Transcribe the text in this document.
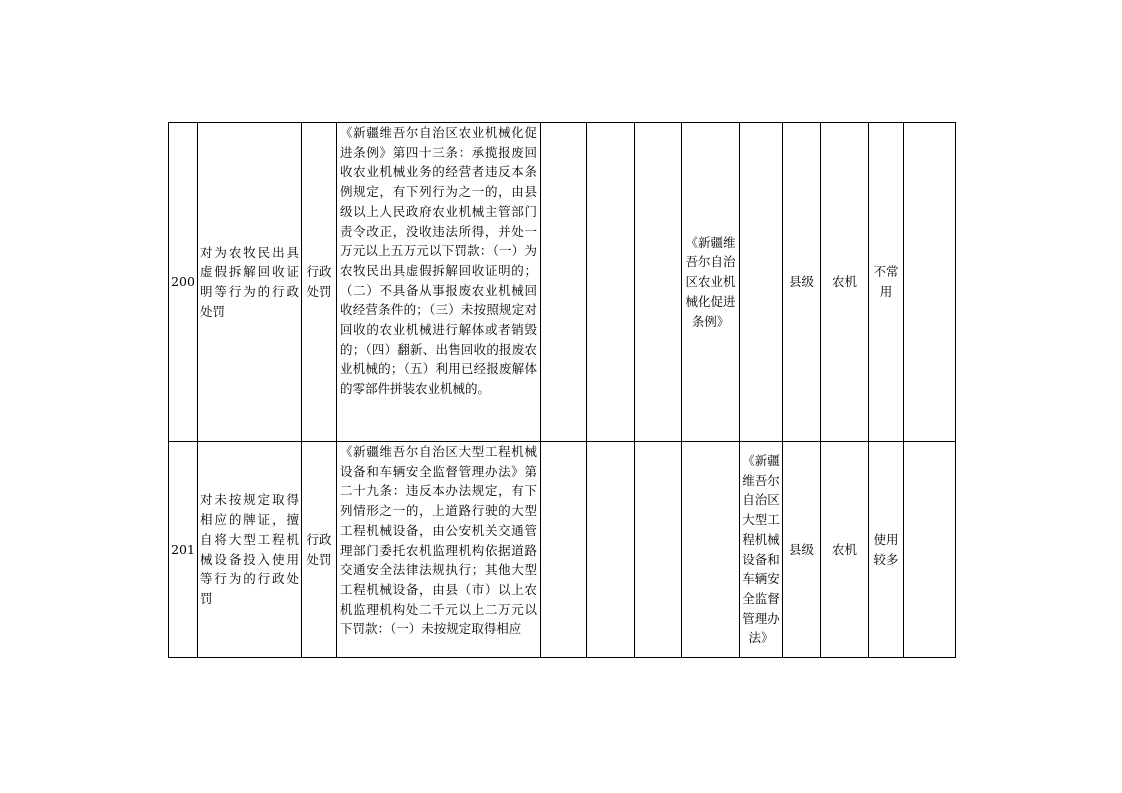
200	对为农牧民出具虚假拆解回收证明等行为的行政处罚	行政处罚	《新疆维吾尔自治区农业机械化促进条例》第四十三条：承揽报废回收农业机械业务的经营者违反本条例规定，有下列行为之一的，由县级以上人民政府农业机械主管部门责令改正，没收违法所得，并处一万元以上五万元以下罚款：（一）为农牧民出具虚假拆解回收证明的；（二）不具备从事报废农业机械回收经营条件的；（三）未按照规定对回收的农业机械进行解体或者销毁的；（四）翻新、出售回收的报废农业机械的；（五）利用已经报废解体的零部件拼装农业机械的。				《新疆维吾尔自治区农业机械化促进条例》		县级	农机	不常用	
201	对未按规定取得相应的牌证，擅自将大型工程机械设备投入使用等行为的行政处罚	行政处罚	《新疆维吾尔自治区大型工程机械设备和车辆安全监督管理办法》第二十九条：违反本办法规定，有下列情形之一的，上道路行驶的大型工程机械设备，由公安机关交通管理部门委托农机监理机构依据道路交通安全法律法规执行；其他大型工程机械设备，由县（市）以上农机监理机构处二千元以上二万元以下罚款：（一）未按规定取得相应					《新疆维吾尔自治区大型工程机械设备和车辆安全监督管理办法》	县级	农机	使用较多	
